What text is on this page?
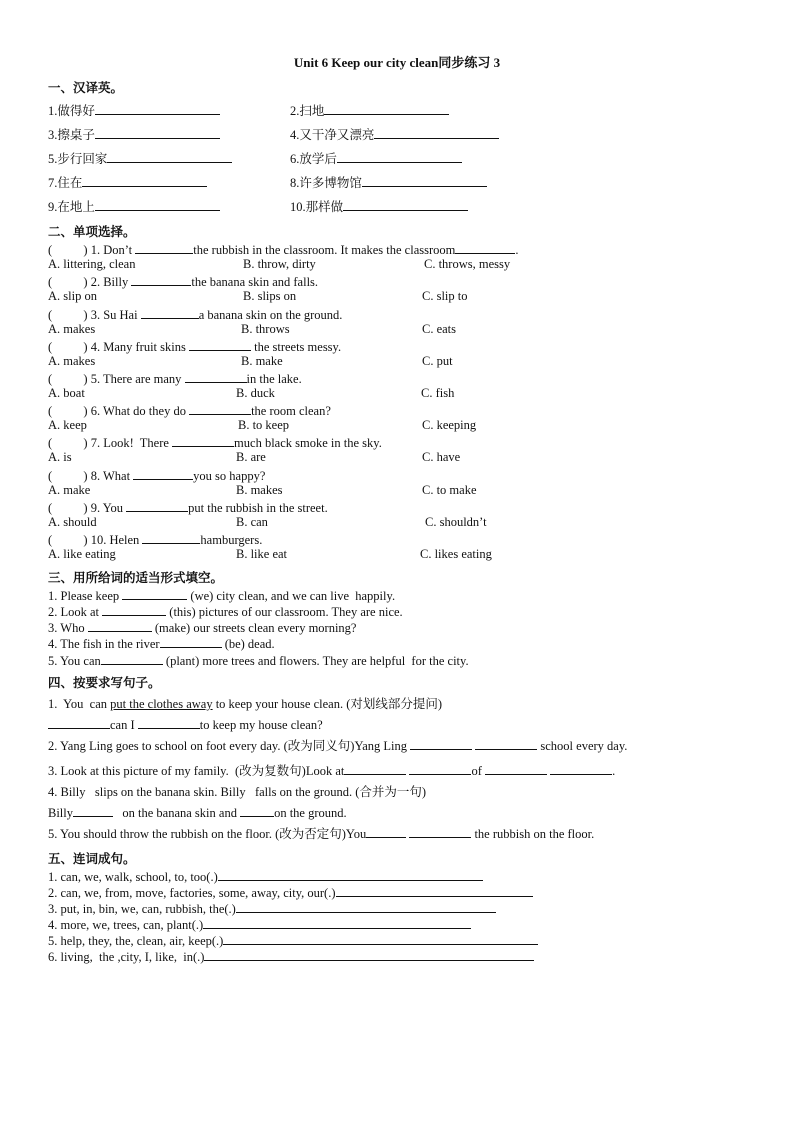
Unit 6 Keep our city clean同步练习 3
一、汉译英。
1.做得好	2.扫地
3.擦桌子	4.又干净又漂亮
5.步行回家	6.放学后
7.住在	8.许多博物馆
9.在地上	10.那样做
二、单项选择。
(          ) 1. Don’t	the rubbish in the classroom. It makes the classroom	.
A. littering, clean	B. throw, dirty	C. throws, messy
(          ) 2. Billy	the banana skin and falls.
A. slip on	B. slips on	C. slip to
(          ) 3. Su Hai	a banana skin on the ground.
A. makes	B. throws	C. eats
(          ) 4. Many fruit skins	the streets messy.
A. makes	B. make	C. put
(          ) 5. There are many	in the lake.
A. boat	B. duck	C. fish
(          ) 6. What do they do	the room clean?
A. keep	B. to keep	C. keeping
(          ) 7. Look!  There	much black smoke in the sky.
A. is	B. are	C. have
(          ) 8. What	you so happy?
A. make	B. makes	C. to make
(          ) 9. You	put the rubbish in the street.
A. should	B. can	C. shouldn’t
(          ) 10. Helen	hamburgers.
A. like eating	B. like eat	C. likes eating
三、用所给词的适当形式填空。
1. Please keep	(we) city clean, and we can live  happily.
2. Look at	(this) pictures of our classroom. They are nice.
3. Who	(make) our streets clean every morning?
4. The fish in the river	(be) dead.
5. You can	(plant) more trees and flowers. They are helpful  for the city.
四、按要求写句子。
1.  You  can put the clothes away to keep your house clean. (对划线部分提问)
can I	to keep my house clean?
2. Yang Ling goes to school on foot every day. (改为同义句)Yang Ling	school every day.
3. Look at this picture of my family.  (改为复数句)Look at	of	.
4. Billy   slips on the banana skin. Billy   falls on the ground. (合并为一句)
Billy	on the banana skin and	on the ground.
5. You should throw the rubbish on the floor. (改为否定句)You	the rubbish on the floor.
五、连词成句。
1. can, we, walk, school, to, too(.)
2. can, we, from, move, factories, some, away, city, our(.)
3. put, in, bin, we, can, rubbish, the(.)
4. more, we, trees, can, plant(.)
5. help, they, the, clean, air, keep(.)
6. living,  the ,city, I, like,  in(.)
